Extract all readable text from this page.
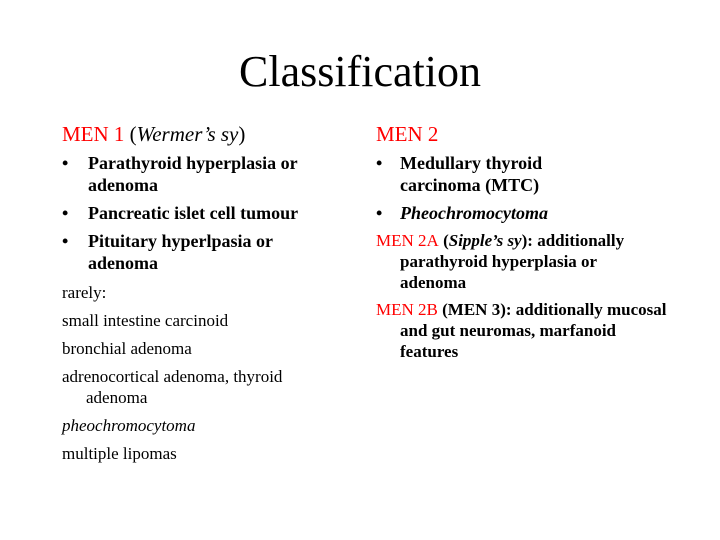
Classification
MEN 1 (Wermer’s sy)
• Parathyroid hyperplasia or adenoma
• Pancreatic islet cell tumour
• Pituitary hyperlpasia or adenoma
rarely:
small intestine carcinoid
bronchial adenoma
adrenocortical adenoma, thyroid adenoma
pheochromocytoma
multiple lipomas
MEN 2
• Medullary thyroid carcinoma (MTC)
• Pheochromocytoma
MEN 2A (Sipple’s sy): additionally parathyroid hyperplasia or adenoma
MEN 2B (MEN 3): additionally mucosal and gut neuromas, marfanoid features
